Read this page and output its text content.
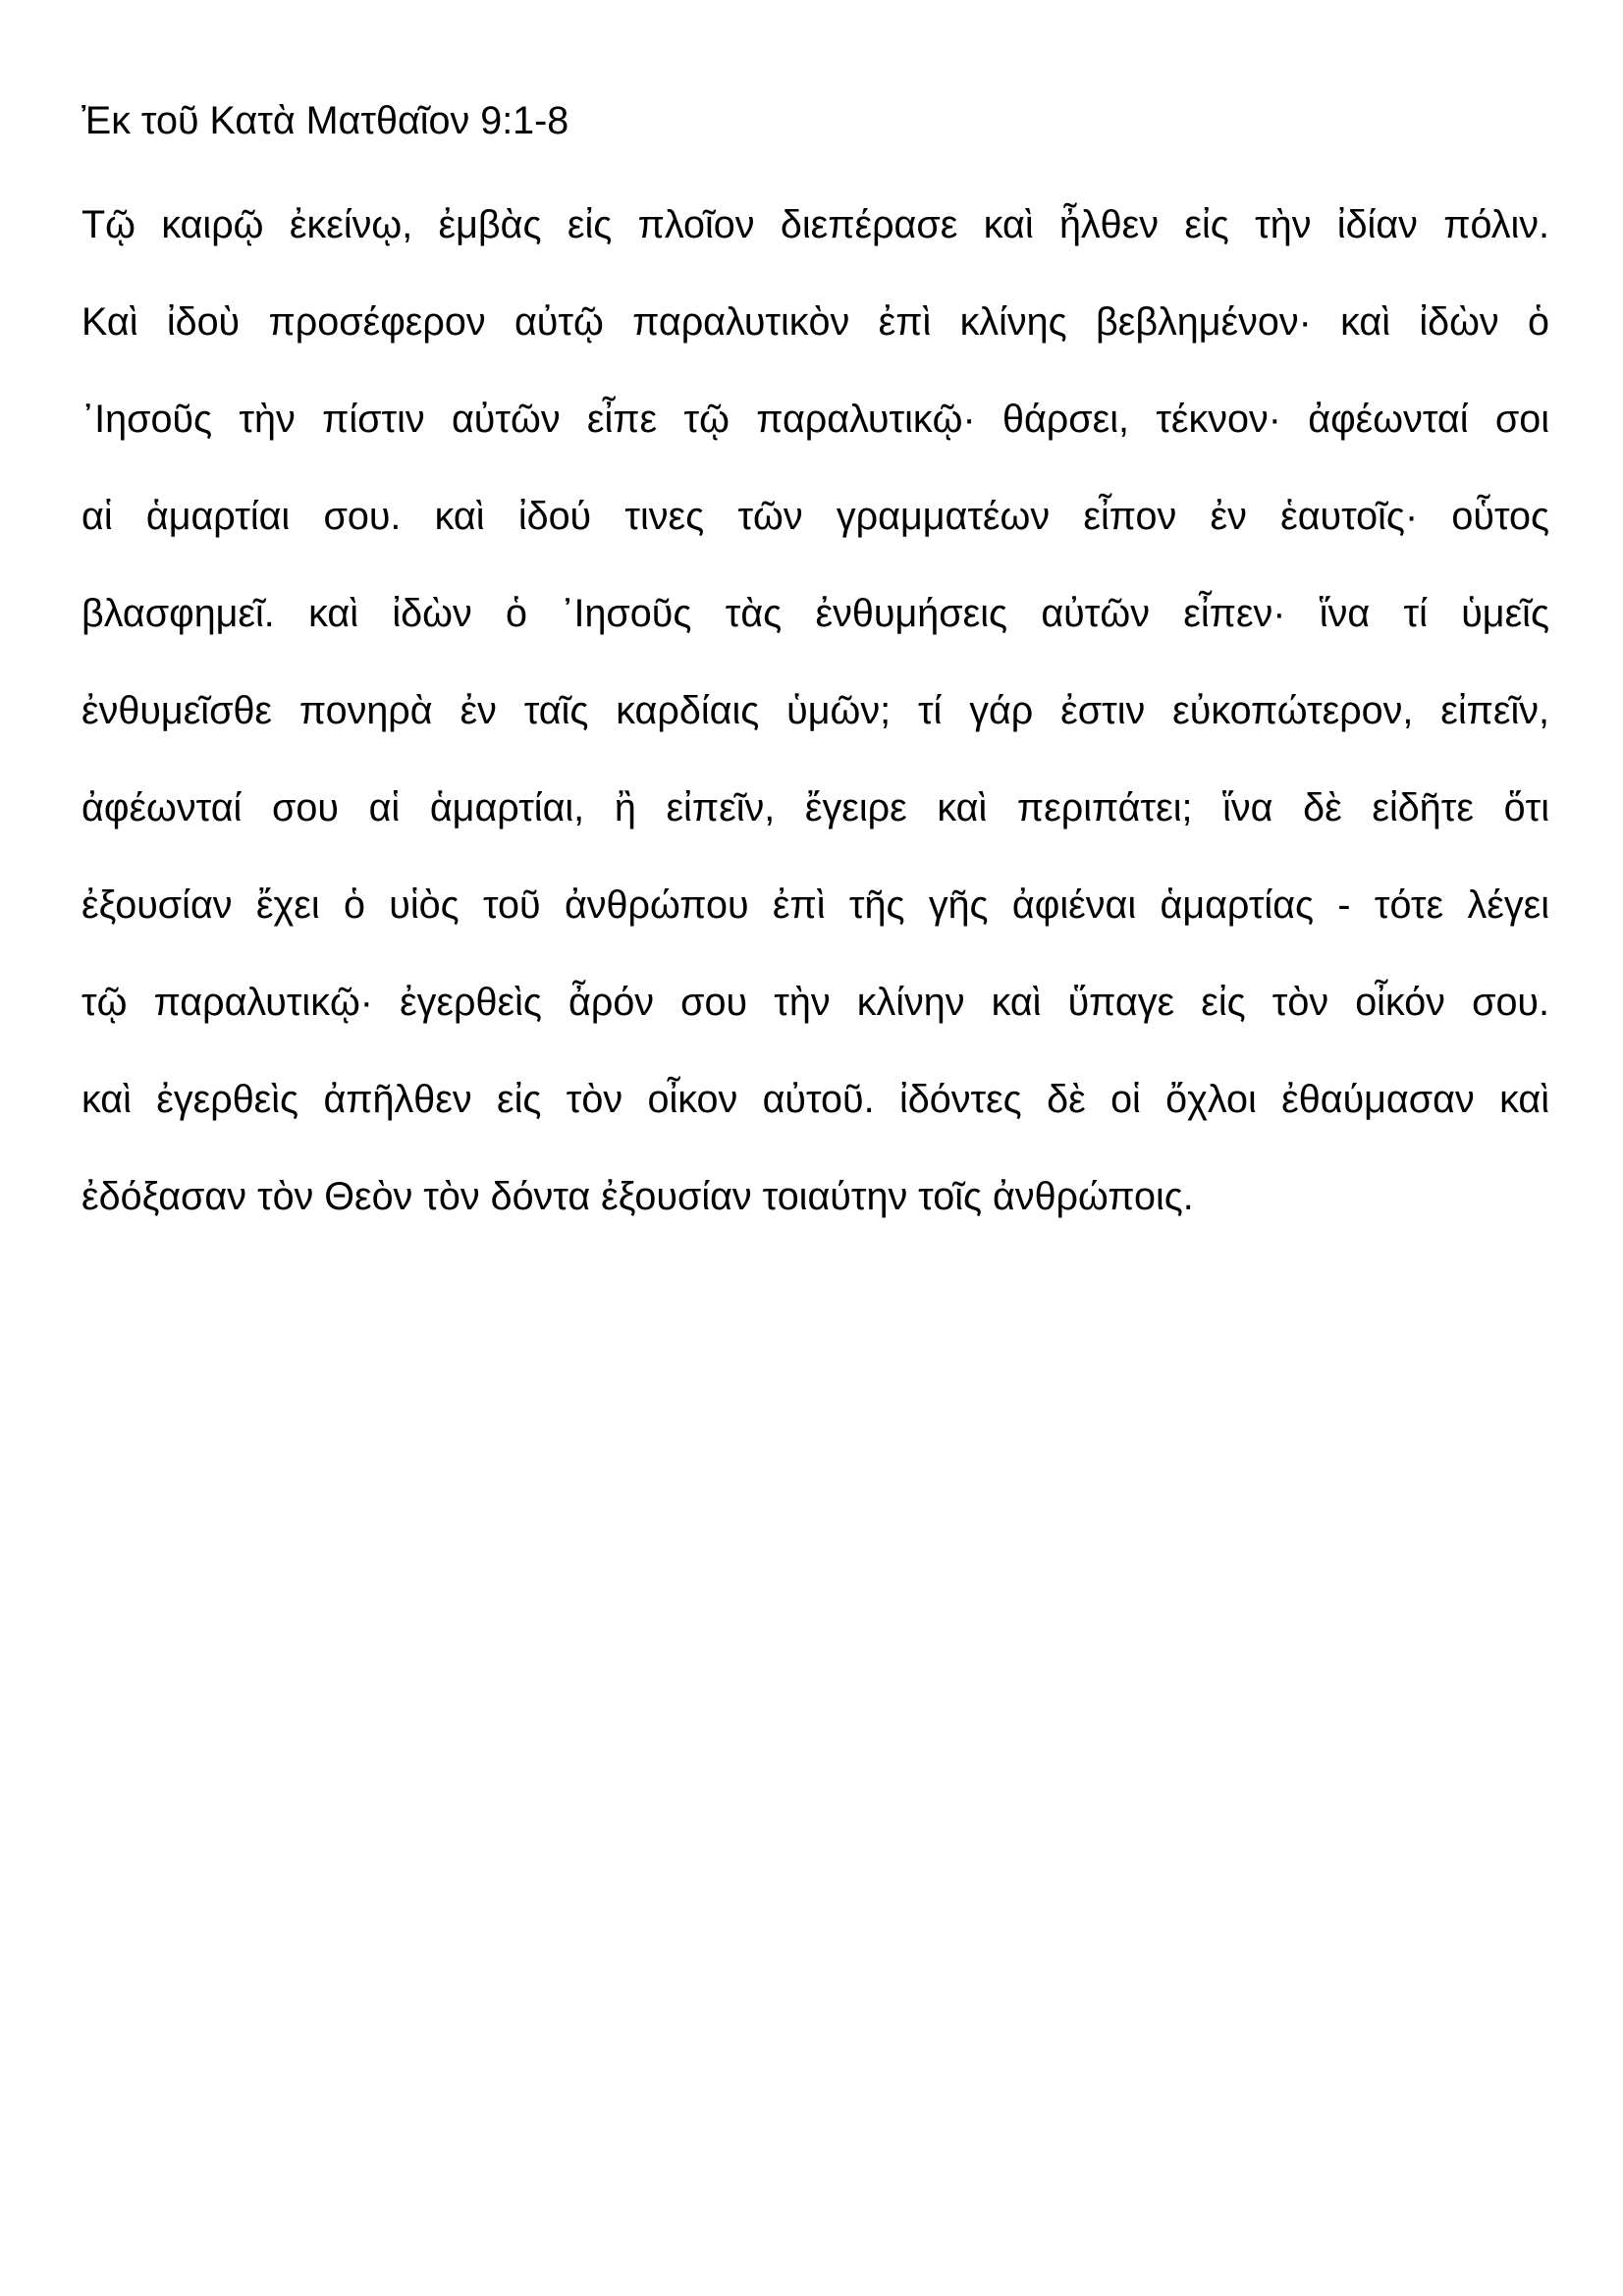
Ἐκ τοῦ Κατὰ Ματθαῖον 9:1-8

Τῷ καιρῷ ἐκείνῳ, ἐμβὰς εἰς πλοῖον διεπέρασε καὶ ἦλθεν εἰς τὴν ἰδίαν πόλιν.
Καὶ ἰδοὺ προσέφερον αὐτῷ παραλυτικὸν ἐπὶ κλίνης βεβλημένον· καὶ ἰδὼν ὁ
᾿Ιησοῦς τὴν πίστιν αὐτῶν εἶπε τῷ παραλυτικῷ· θάρσει, τέκνον· ἀφέωνταί σοι
αἱ ἁμαρτίαι σου. καὶ ἰδού τινες τῶν γραμματέων εἶπον ἐν ἑαυτοῖς· οὗτος
βλασφημεῖ. καὶ ἰδὼν ὁ ᾿Ιησοῦς τὰς ἐνθυμήσεις αὐτῶν εἶπεν· ἵνα τί ὑμεῖς
ἐνθυμεῖσθε πονηρὰ ἐν ταῖς καρδίαις ὑμῶν; τί γάρ ἐστιν εὐκοπώτερον, εἰπεῖν,
ἀφέωνταί σου αἱ ἁμαρτίαι, ἢ εἰπεῖν, ἔγειρε καὶ περιπάτει; ἵνα δὲ εἰδῆτε ὅτι
ἐξουσίαν ἔχει ὁ υἱὸς τοῦ ἀνθρώπου ἐπὶ τῆς γῆς ἀφιέναι ἁμαρτίας - τότε λέγει
τῷ παραλυτικῷ· ἐγερθεὶς ἆρόν σου τὴν κλίνην καὶ ὕπαγε εἰς τὸν οἶκόν σου.
καὶ ἐγερθεὶς ἀπῆλθεν εἰς τὸν οἶκον αὐτοῦ. ἰδόντες δὲ οἱ ὄχλοι ἐθαύμασαν καὶ
ἐδόξασαν τὸν Θεὸν τὸν δόντα ἐξουσίαν τοιαύτην τοῖς ἀνθρώποις.
